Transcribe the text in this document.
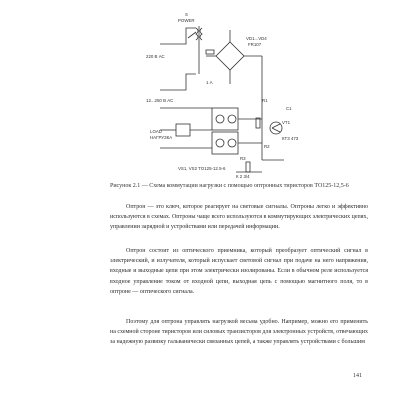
S
POWER
220 В АС
VD1...VD4
FR107
1 А
12...250 В АС
LOAD
НАГРУЗКА
R1
VT1
КТ3 473
R2
С1
VS1, VS2 TO125-12.5-6
R3
К 2 3/4
Рисунок 2.1 — Схема коммутации нагрузки с помощью оптронных тиристоров ТО125-12,5-6

Оптрон — это ключ, которое реагирует на световые сигналы. Оптроны легко и эффективно используются в схемах. Оптроны чаще всего используются в коммутирующих электрических цепях, управлении зарядной и устройствами или передачей информации.

Оптрон состоит из оптического приемника, который преобразует оптический сигнал в электрический, и излучателя, который испускает световой сигнал при подаче на него напряжения, входные и выходные цепи при этом электрически изолированы. Если в обычном реле используется входное управление током от входной цепи, выходная цепь с помощью магнитного поля, то в оптроне — оптического сигнала.

Поэтому для оптрона управлять нагрузкой весьма удобно. Например, можно его применить на схемной стороне тиристоров или силовых транзисторов для электронных устройств, отвечающих за надежную развязку гальванически связанных цепей, а также управлять устройствами с большим

141
